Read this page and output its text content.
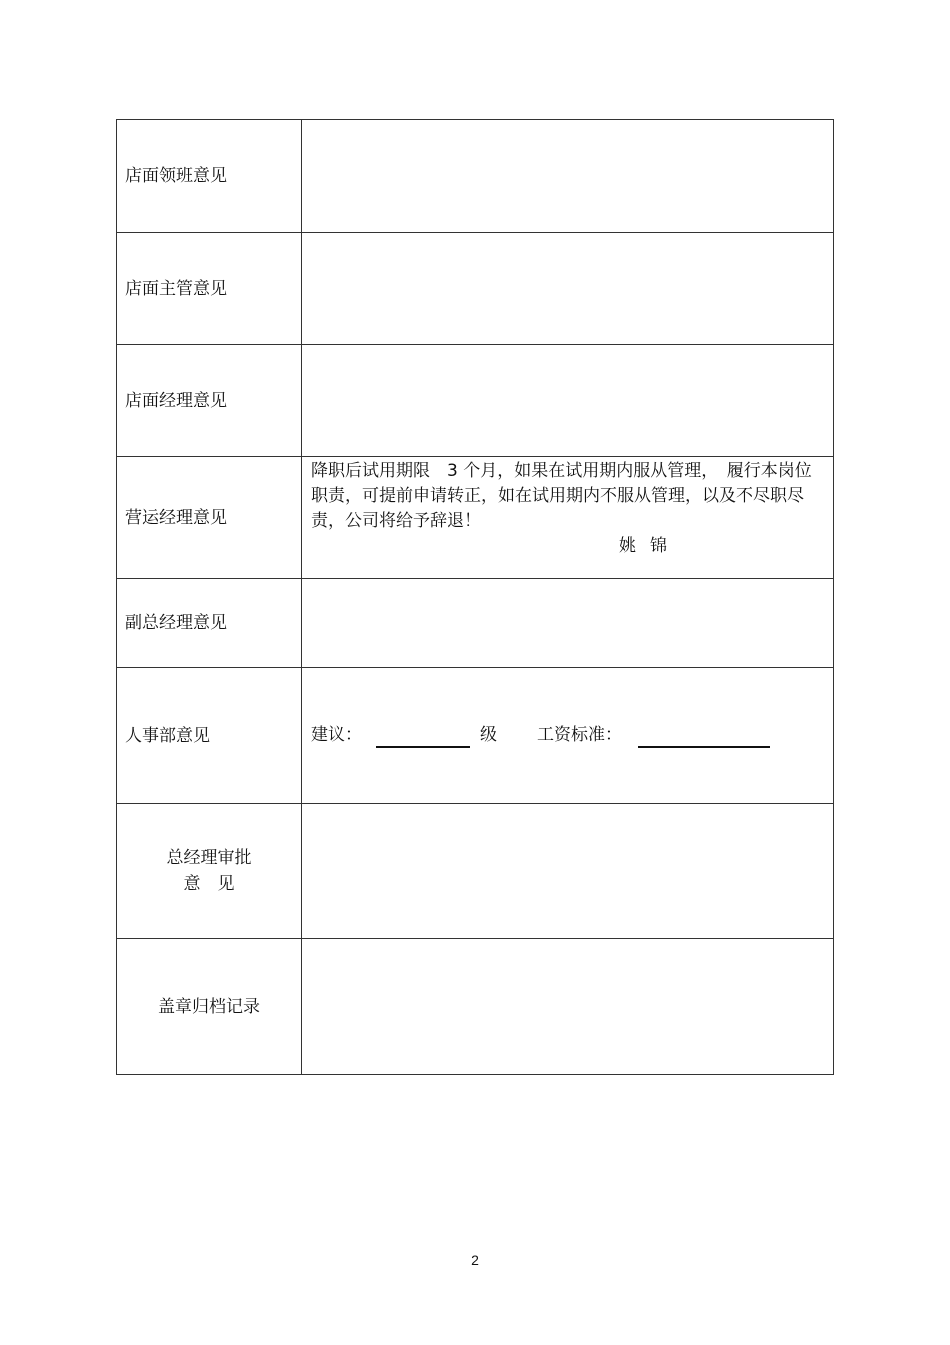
店面领班意见	
店面主管意见	
店面经理意见	
营运经理意见	降职后试用期限　3 个月，如果在试用期内服从管理，　履行本岗位职责，可提前申请转正，如在试用期内不服从管理，以及不尽职尽责，公司将给予辞退！
姚锦

副总经理意见	
人事部意见	建议： 级 工资标准：

总经理审批
意　见	

盖章归档记录	
2
